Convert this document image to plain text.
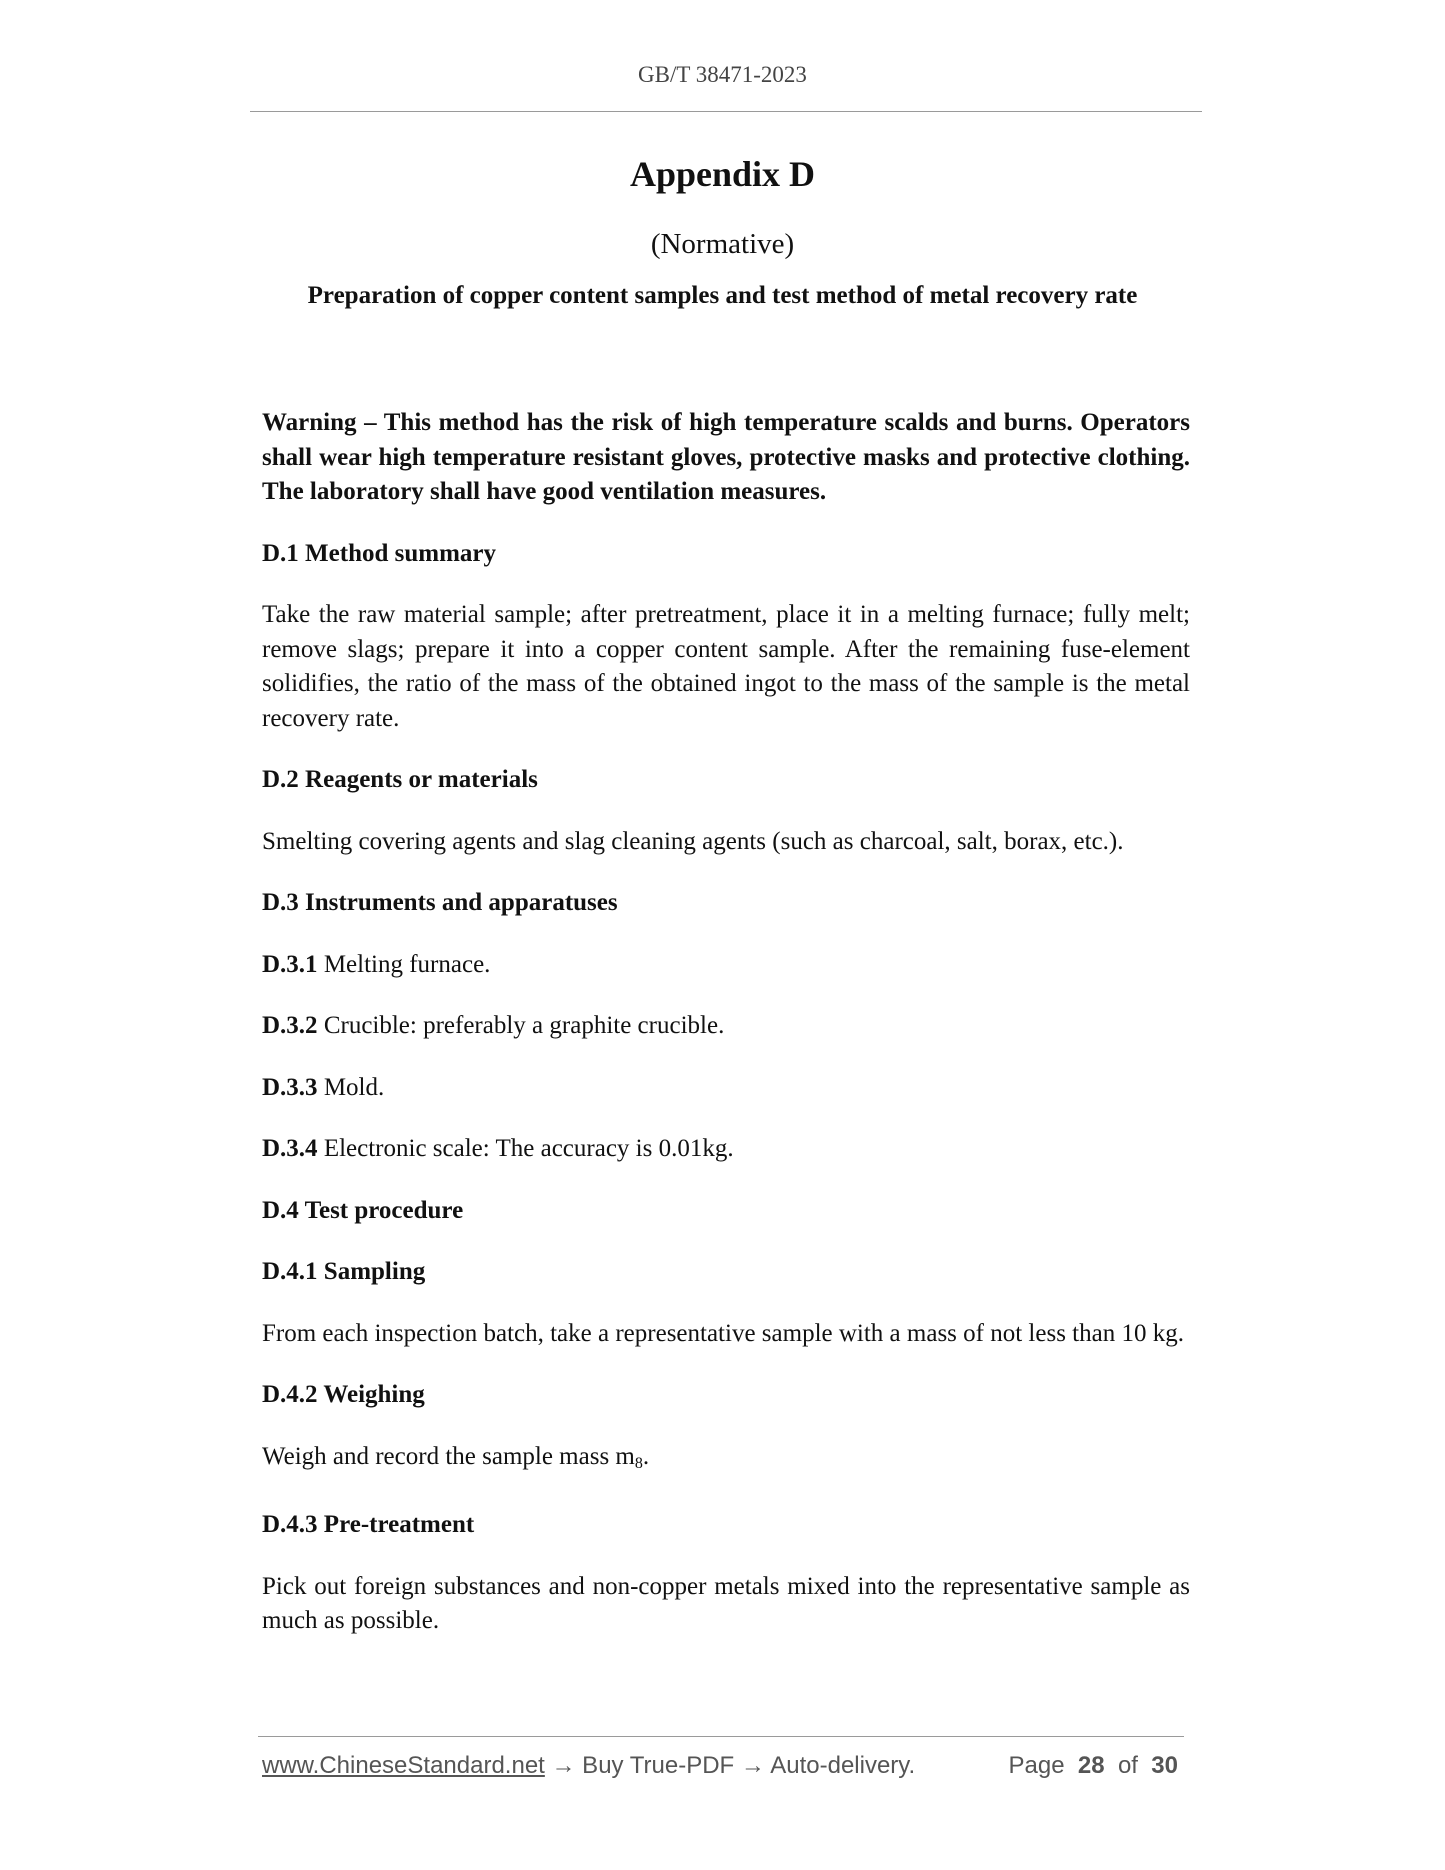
GB/T 38471-2023
Appendix D
(Normative)
Preparation of copper content samples and test method of metal recovery rate

Warning – This method has the risk of high temperature scalds and burns. Operators shall wear high temperature resistant gloves, protective masks and protective clothing. The laboratory shall have good ventilation measures.

D.1 Method summary

Take the raw material sample; after pretreatment, place it in a melting furnace; fully melt; remove slags; prepare it into a copper content sample. After the remaining fuse-element solidifies, the ratio of the mass of the obtained ingot to the mass of the sample is the metal recovery rate.

D.2 Reagents or materials

Smelting covering agents and slag cleaning agents (such as charcoal, salt, borax, etc.).

D.3 Instruments and apparatuses

D.3.1 Melting furnace.

D.3.2 Crucible: preferably a graphite crucible.

D.3.3 Mold.

D.3.4 Electronic scale: The accuracy is 0.01kg.

D.4 Test procedure

D.4.1 Sampling

From each inspection batch, take a representative sample with a mass of not less than 10 kg.

D.4.2 Weighing

Weigh and record the sample mass $m_8$.

D.4.3 Pre-treatment

Pick out foreign substances and non-copper metals mixed into the representative sample as much as possible.

www.ChineseStandard.net → Buy True-PDF → Auto-delivery.	Page 28 of 30
